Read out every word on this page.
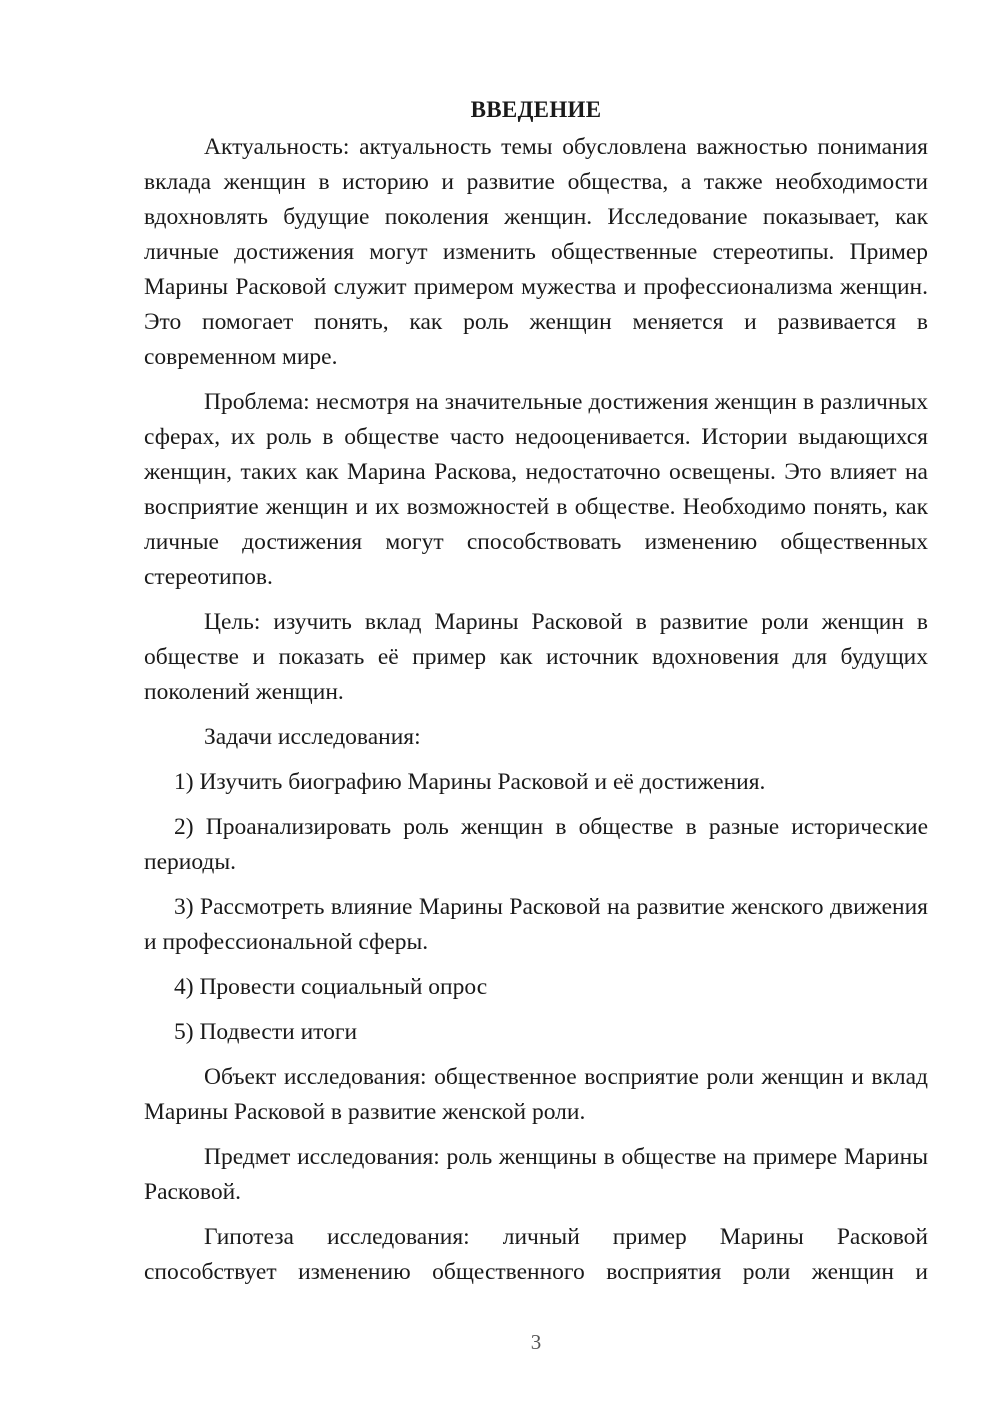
ВВЕДЕНИЕ

Актуальность: актуальность темы обусловлена важностью понимания вклада женщин в историю и развитие общества, а также необходимости вдохновлять будущие поколения женщин. Исследование показывает, как личные достижения могут изменить общественные стереотипы. Пример Марины Расковой служит примером мужества и профессионализма женщин. Это помогает понять, как роль женщин меняется и развивается в современном мире.

Проблема: несмотря на значительные достижения женщин в различных сферах, их роль в обществе часто недооценивается. Истории выдающихся женщин, таких как Марина Раскова, недостаточно освещены. Это влияет на восприятие женщин и их возможностей в обществе. Необходимо понять, как личные достижения могут способствовать изменению общественных стереотипов.

Цель: изучить вклад Марины Расковой в развитие роли женщин в обществе и показать её пример как источник вдохновения для будущих поколений женщин.

Задачи исследования:

1) Изучить биографию Марины Расковой и её достижения.

2) Проанализировать роль женщин в обществе в разные исторические периоды.

3) Рассмотреть влияние Марины Расковой на развитие женского движения и профессиональной сферы.

4) Провести социальный опрос

5) Подвести итоги

Объект исследования: общественное восприятие роли женщин и вклад Марины Расковой в развитие женской роли.

Предмет исследования: роль женщины в обществе на примере Марины Расковой.

Гипотеза исследования: личный пример Марины Расковой способствует изменению общественного восприятия роли женщин и

3
